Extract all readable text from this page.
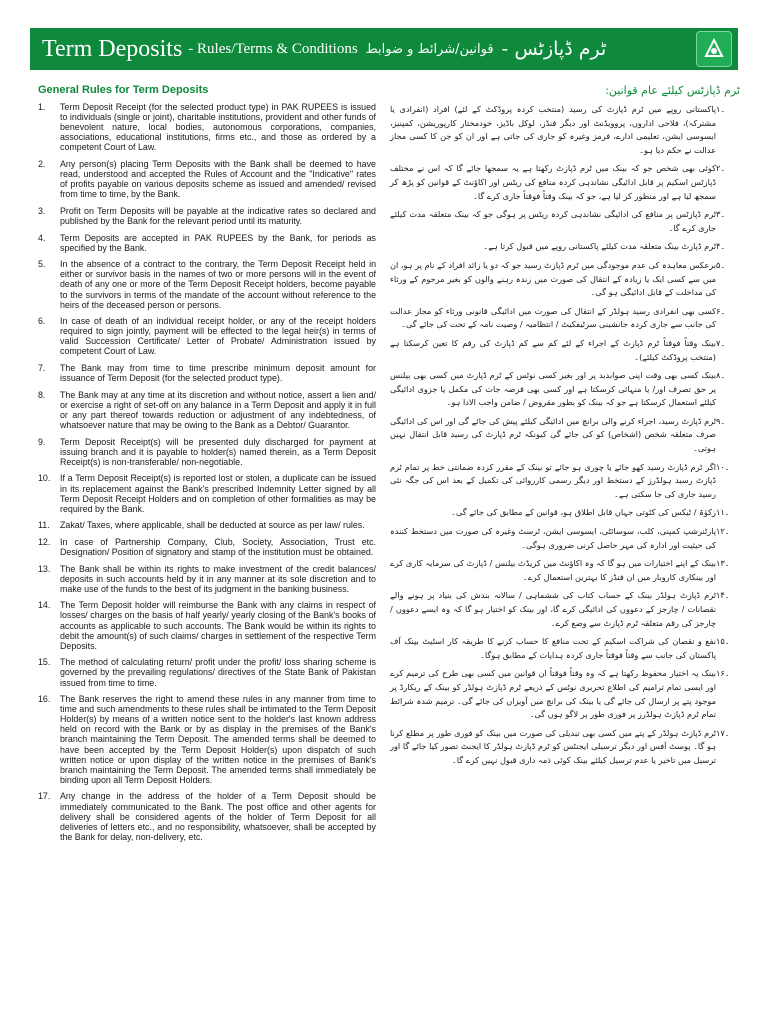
Term Deposits - Rules/Terms & Conditions قوانین/شرائط و ضوابط ٹرم ڈپازٹس -
General Rules for Term Deposits
1.	Term Deposit Receipt (for the selected product type) in PAK RUPEES is issued to individuals (single or joint), charitable institutions, provident and other funds of benevolent nature, local bodies, autonomous corporations, companies, associations, educational institutions, firms etc., and those as ordered by a competent Court of Law.
2.	Any person(s) placing Term Deposits with the Bank shall be deemed to have read, understood and accepted the Rules of Account and the "Indicative" rates of profits payable on various deposits scheme as issued and amended/ revised from time to time, by the Bank.
3.	Profit on Term Deposits will be payable at the indicative rates so declared and published by the Bank for the relevant period until its maturity.
4.	Term Deposits are accepted in PAK RUPEES by the Bank, for periods as specified by the Bank.
5.	In the absence of a contract to the contrary, the Term Deposit Receipt held in either or survivor basis in the names of two or more persons will in the event of death of any one or more of the Term Deposit Receipt holders, become payable to the survivors in terms of the mandate of the account without reference to the heirs of the deceased person or persons.
6.	In case of death of an individual receipt holder, or any of the receipt holders required to sign jointly, payment will be effected to the legal heir(s) in terms of valid Succession Certificate/ Letter of Probate/ Administration issued by competent Court of Law.
7.	The Bank may from time to time prescribe minimum deposit amount for issuance of Term Deposit (for the selected product type).
8.	The Bank may at any time at its discretion and without notice, assert a lien and/ or exercise a right of set-off on any balance in a Term Deposit and apply it in full or any part thereof towards reduction or adjustment of any indebtedness, of whatsoever nature that may be owing to the Bank as a Debtor/ Guarantor.
9.	Term Deposit Receipt(s) will be presented duly discharged for payment at issuing branch and it is payable to holder(s) named therein, as a Term Deposit Receipt(s) is non-transferable/ non-negotiable.
10.	If a Term Deposit Receipt(s) is reported lost or stolen, a duplicate can be issued in its replacement against the Bank's prescribed Indemnity Letter signed by all Term Deposit Receipt Holders and on completion of other formalities as may be required by the Bank.
11.	Zakat/ Taxes, where applicable, shall be deducted at source as per law/ rules.
12.	In case of Partnership Company, Club, Society, Association, Trust etc. Designation/ Position of signatory and stamp of the institution must be obtained.
13.	The Bank shall be within its rights to make investment of the credit balances/ deposits in such accounts held by it in any manner at its sole discretion and to make use of the funds to the best of its judgment in the banking business.
14.	The Term Deposit holder will reimburse the Bank with any claims in respect of losses/ charges on the basis of half yearly/ yearly closing of the Bank's books of accounts as applicable to such accounts. The Bank would be within its rights to debit the amount(s) of such claims/ charges in settlement of the respective Term Deposits.
15.	The method of calculating return/ profit under the profit/ loss sharing scheme is governed by the prevailing regulations/ directives of the State Bank of Pakistan issued from time to time.
16.	The Bank reserves the right to amend these rules in any manner from time to time and such amendments to these rules shall be intimated to the Term Deposit Holder(s) by means of a written notice sent to the holder's last known address held on record with the Bank or by as display in the premises of the Bank's branch maintaining the Term Deposit. The amended terms shall be deemed to have been accepted by the Term Deposit Holder(s) upon dispatch of such written notice or upon display of the written notice in the premises of Bank's branch maintaining the Term Deposit. The amended terms shall immediately be binding upon all Term Deposit Holders.
17.	Any change in the address of the holder of a Term Deposit should be immediately communicated to the Bank. The post office and other agents for delivery shall be considered agents of the holder of Term Deposit for all deliveries of letters etc., and no responsibility, whatsoever, shall be accepted by the Bank for delay, non-delivery, etc.
ٹرم ڈپازٹس کیلئے عام قوانین:
۱۔
پاکستانی روپے میں ٹرم ڈپازٹ کی رسید (منتخب کردہ پروڈکٹ کے لئے) افراد (انفرادی یا مشترکہ)، فلاحی اداروں، پروویڈنٹ اور دیگر فنڈز، لوکل باڈیز، خودمختار کارپوریشن، کمپنیز، ایسوسی ایشن، تعلیمی ادارے، فرمز وغیرہ کو جاری کی جاتی ہے اور ان کو جن کا کسی مجاز عدالت نے حکم دیا ہو۔
۲۔
کوئی بھی شخص جو کہ بینک میں ٹرم ڈپازٹ رکھتا ہے یہ سمجھا جائے گا کہ اس نے مختلف ڈپازٹس اسکیم پر قابل ادائیگی نشاندہی کردہ منافع کی ریٹس اور اکاؤنٹ کے قوانین کو پڑھ کر سمجھ لیا ہے اور منظور کر لیا ہے، جو کہ بینک وقتاً فوقتاً جاری کرے گا۔
۳۔
ٹرم ڈپازٹس پر منافع کی ادائیگی نشاندہی کردہ ریٹس پر ہوگی جو کہ بینک متعلقہ مدت کیلئے جاری کرے گا۔
۴۔
ٹرم ڈپازٹ بینک متعلقہ مدت کیلئے پاکستانی روپے میں قبول کرتا ہے۔
۵۔
برعکس معاہدہ کی عدم موجودگی میں ٹرم ڈپازٹ رسید جو کہ دو یا زائد افراد کے نام پر ہو، ان میں سے کسی ایک یا زیادہ کے انتقال کی صورت میں زندہ رہنے والوں کو بغیر مرحوم کے ورثاء کی مداخلت کے قابل ادائیگی ہو گی۔
۶۔
کسی بھی انفرادی رسید ہولڈر کے انتقال کی صورت میں ادائیگی قانونی ورثاء کو مجاز عدالت کی جانب سے جاری کردہ جانشینی سرٹیفکیٹ / انتظامیہ / وصیت نامہ کے تحت کی جائے گی۔
۷۔
بینک وقتاً فوقتاً ٹرم ڈپازٹ کے اجراء کے لئے کم سے کم ڈپازٹ کی رقم کا تعین کرسکتا ہے (منتخب پروڈکٹ کیلئے)۔
۸۔
بینک کسی بھی وقت اپنی صوابدید پر اور بغیر کسی نوٹس کے ٹرم ڈپازٹ میں کسی بھی بیلنس پر حق تصرف اور/ یا منہائی کرسکتا ہے اور کسی بھی قرضہ جات کی مکمل یا جزوی ادائیگی کیلئے استعمال کرسکتا ہے جو کہ بینک کو بطور مقروض / ضامن واجب الادا ہو۔
۹۔
ٹرم ڈپازٹ رسید، اجراء کرنے والی برانچ میں ادائیگی کیلئے پیش کی جائے گی اور اس کی ادائیگی صرف متعلقہ شخص (اشخاص) کو کی جائے گی کیونکہ ٹرم ڈپازٹ کی رسید قابل انتقال نہیں ہوتی۔
۱۰۔
اگر ٹرم ڈپازٹ رسید کھو جائے یا چوری ہو جائے تو بینک کے مقرر کردہ ضمانتی خط پر تمام ٹرم ڈپازٹ رسید ہولڈرز کے دستخط اور دیگر رسمی کارروائی کی تکمیل کے بعد اس کی جگہ نئی رسید جاری کی جا سکتی ہے۔
۱۱۔
زکوٰۃ / ٹیکس کی کٹوتی جہاں قابل اطلاق ہو، قوانین کے مطابق کی جائے گی۔
۱۲۔
پارٹنرشپ کمپنی، کلب، سوسائٹی، ایسوسی ایشن، ٹرسٹ وغیرہ کی صورت میں دستخط کنندہ کی حیثیت اور ادارہ کی مہر حاصل کرنی ضروری ہوگی۔
۱۳۔
بینک کے اپنے اختیارات میں ہو گا کہ وہ اکاؤنٹ میں کریڈٹ بیلنس / ڈپازٹ کی سرمایہ کاری کرے اور بینکاری کاروبار میں ان فنڈز کا بہترین استعمال کرے۔
۱۴۔
ٹرم ڈپازٹ ہولڈر بینک کے حساب کتاب کی ششماہی / سالانہ بندش کی بنیاد پر ہونے والے نقصانات / چارجز کے دعووں کی ادائیگی کرے گا، اور بینک کو اختیار ہو گا کہ وہ ایسے دعووں / چارجز کی رقم متعلقہ ٹرم ڈپازٹ سے وضع کرے۔
۱۵۔
نفع و نقصان کی شراکت اسکیم کے تحت منافع کا حساب کرنے کا طریقہ کار اسٹیٹ بینک آف پاکستان کی جانب سے وقتاً فوقتاً جاری کردہ ہدایات کے مطابق ہوگا۔
۱۶۔
بینک یہ اختیار محفوظ رکھتا ہے کہ وہ وقتاً فوقتاً ان قوانین میں کسی بھی طرح کی ترمیم کرے اور ایسی تمام ترامیم کی اطلاع تحریری نوٹس کے ذریعے ٹرم ڈپازٹ ہولڈر کو بینک کے ریکارڈ پر موجود پتے پر ارسال کی جائے گی یا بینک کی برانچ میں آویزاں کی جائے گی۔ ترمیم شدہ شرائط تمام ٹرم ڈپازٹ ہولڈرز پر فوری طور پر لاگو ہوں گی۔
۱۷۔
ٹرم ڈپازٹ ہولڈر کے پتے میں کسی بھی تبدیلی کی صورت میں بینک کو فوری طور پر مطلع کرنا ہو گا۔ پوسٹ آفس اور دیگر ترسیلی ایجنٹس کو ٹرم ڈپازٹ ہولڈر کا ایجنٹ تصور کیا جائے گا اور ترسیل میں تاخیر یا عدم ترسیل کیلئے بینک کوئی ذمہ داری قبول نہیں کرے گا۔
